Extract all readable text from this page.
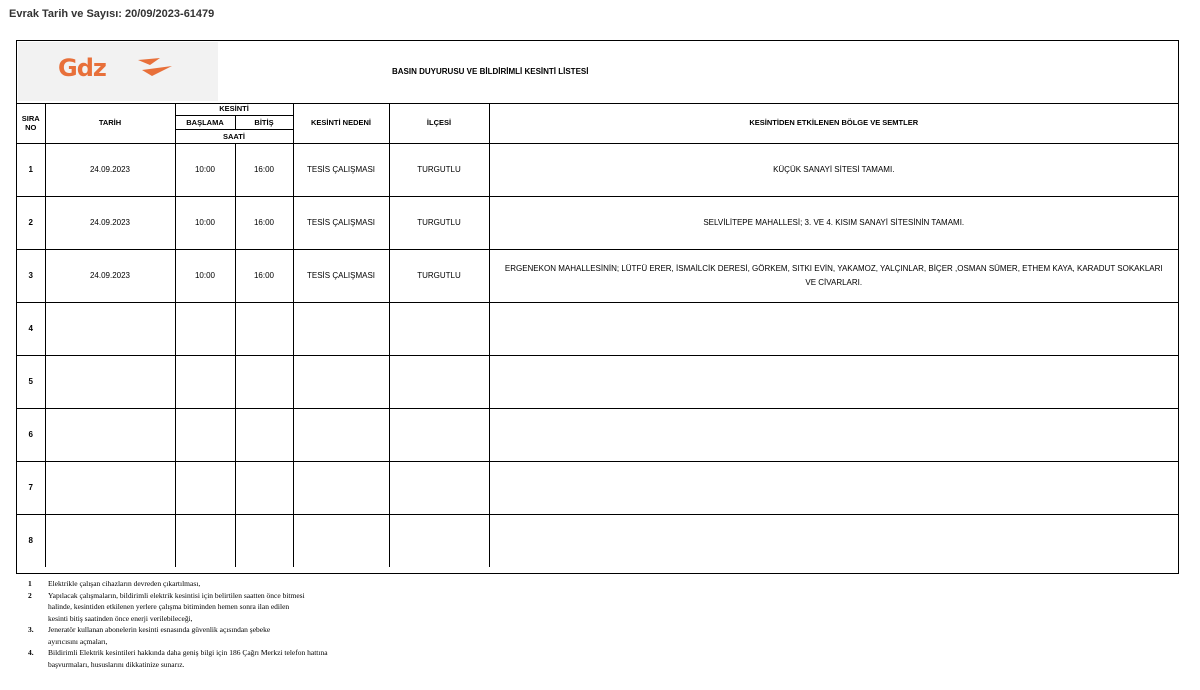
Evrak Tarih ve Sayısı: 20/09/2023-61479
Gdz	BASIN DUYURUSU VE BİLDİRİMLİ KESİNTİ LİSTESİ
SIRA NO	TARİH	KESİNTİ		KESİNTİ NEDENİ	İLÇESİ	KESİNTİDEN ETKİLENEN BÖLGE VE SEMTLER
		BAŞLAMA	BİTİŞ			
		SAATİ				
1	24.09.2023	10:00	16:00	TESİS ÇALIŞMASI	TURGUTLU	KÜÇÜK SANAYİ SİTESİ TAMAMI.
2	24.09.2023	10:00	16:00	TESİS ÇALIŞMASI	TURGUTLU	SELVİLİTEPE MAHALLESİ; 3. VE 4. KISIM SANAYİ SİTESİNİN TAMAMI.
3	24.09.2023	10:00	16:00	TESİS ÇALIŞMASI	TURGUTLU	ERGENEKON MAHALLESİNİN; LÜTFÜ ERER, İSMAİLCİK DERESİ, GÖRKEM, SITKI EVİN, YAKAMOZ, YALÇINLAR, BİÇER ,OSMAN SÜMER, ETHEM KAYA, KARADUT SOKAKLARI VE CİVARLARI.
4						
5						
6						
7						
8						
1 Elektrikle çalışan cihazların devreden çıkartılması,
2 Yapılacak çalışmaların, bildirimli elektrik kesintisi için belirtilen saatten önce bitmesi
halinde, kesintiden etkilenen yerlere çalışma bitiminden hemen sonra ilan edilen
kesinti bitiş saatinden önce enerji verilebileceği,
3. Jeneratör kullanan abonelerin kesinti esnasında güvenlik açısından şebeke
ayırıcısını açmaları,
4. Bildirimli Elektrik kesintileri hakkında daha geniş bilgi için 186 Çağrı Merkzi telefon hattına
başvurmaları, hususlarını dikkatinize sunarız.
